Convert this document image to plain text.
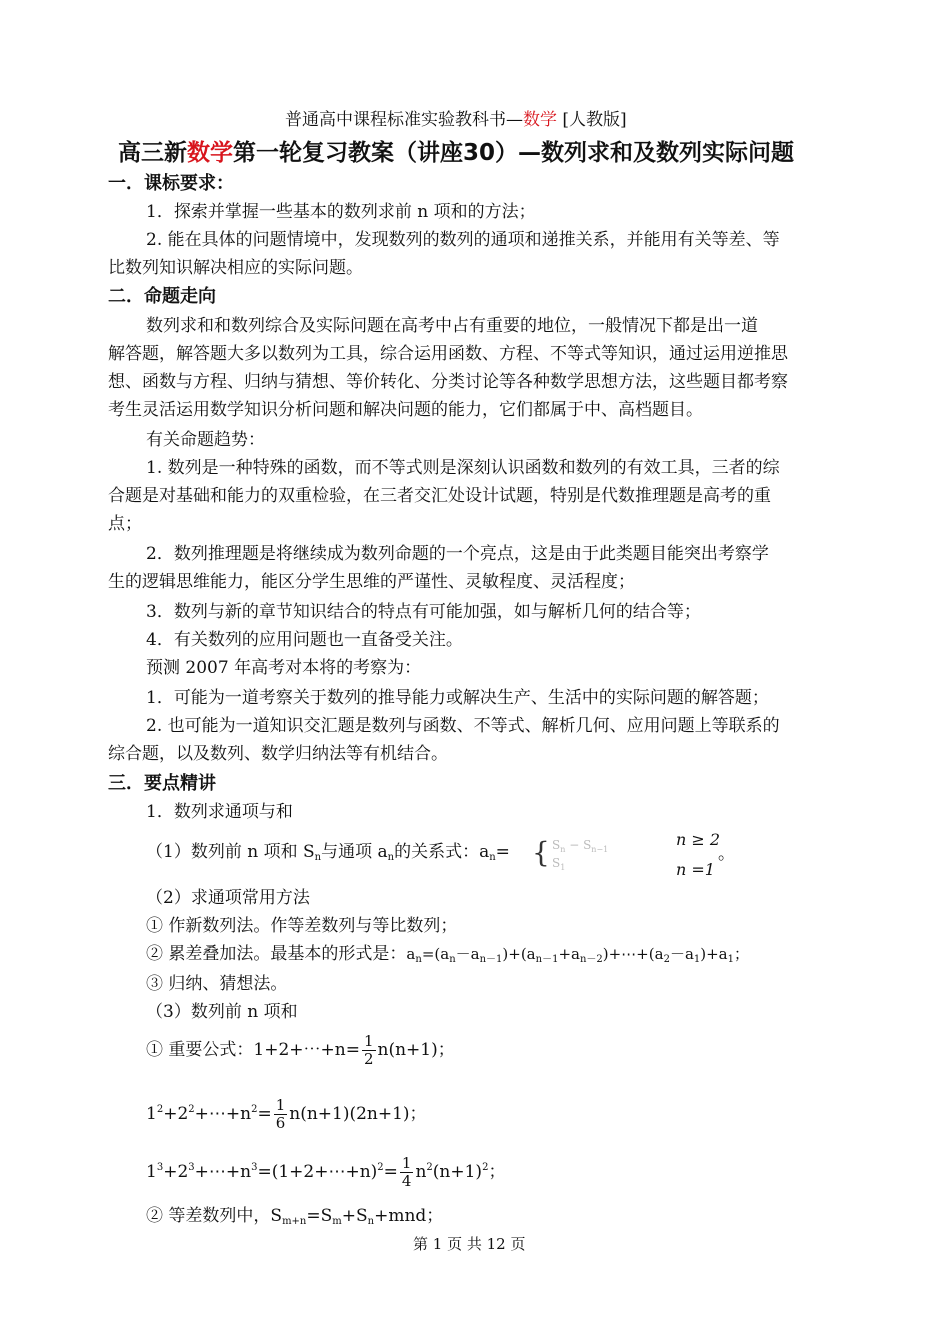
普通高中课程标准实验教科书—数学 [人教版]
高三新数学第一轮复习教案（讲座30）—数列求和及数列实际问题
一．课标要求：
1．探索并掌握一些基本的数列求前 n 项和的方法；
2. 能在具体的问题情境中，发现数列的数列的通项和递推关系，并能用有关等差、等
比数列知识解决相应的实际问题。
二．命题走向
数列求和和数列综合及实际问题在高考中占有重要的地位，一般情况下都是出一道
解答题，解答题大多以数列为工具，综合运用函数、方程、不等式等知识，通过运用逆推思
想、函数与方程、归纳与猜想、等价转化、分类讨论等各种数学思想方法，这些题目都考察
考生灵活运用数学知识分析问题和解决问题的能力，它们都属于中、高档题目。
有关命题趋势：
1. 数列是一种特殊的函数，而不等式则是深刻认识函数和数列的有效工具，三者的综
合题是对基础和能力的双重检验，在三者交汇处设计试题，特别是代数推理题是高考的重
点；
2．数列推理题是将继续成为数列命题的一个亮点，这是由于此类题目能突出考察学
生的逻辑思维能力，能区分学生思维的严谨性、灵敏程度、灵活程度；
3．数列与新的章节知识结合的特点有可能加强，如与解析几何的结合等；
4．有关数列的应用问题也一直备受关注。
预测 2007 年高考对本将的考察为：
1．可能为一道考察关于数列的推导能力或解决生产、生活中的实际问题的解答题；
2. 也可能为一道知识交汇题是数列与函数、不等式、解析几何、应用问题上等联系的
综合题，以及数列、数学归纳法等有机结合。
三．要点精讲
1．数列求通项与和
（1）数列前 n 项和 $S_n$与通项 $a_n$的关系式：$a_n=$ { $S_n - S_{n-1}$
$S_1$
n ≥ 2
n =1
。
（2）求通项常用方法
① 作新数列法。作等差数列与等比数列；
② 累差叠加法。最基本的形式是：$a_n=(a_n-a_{n-1})+(a_{n-1}+a_{n-2})+\cdots+(a_2-a_1)+a_1$；
③ 归纳、猜想法。
（3）数列前 n 项和
① 重要公式：1+2+⋯+n= $\frac{1}{2} n(n+1)$；
$1^2+2^2+\cdots+n^2= \frac{1}{6} n(n+1)(2n+1)$；
$1^3+2^3+\cdots+n^3=(1+2+\cdots+n)^2= \frac{1}{4} n^2(n+1)^2$；
② 等差数列中，$S_{m+n}=S_m+S_n+mnd$；
第 1 页 共 12 页
